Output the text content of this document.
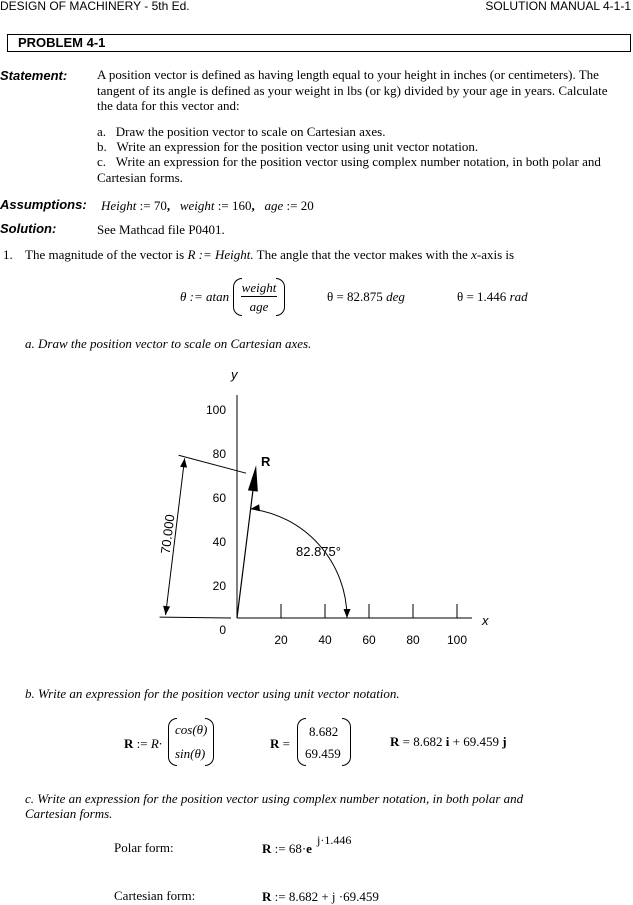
DESIGN OF MACHINERY - 5th Ed.	SOLUTION MANUAL 4-1-1
PROBLEM 4-1
Statement: A position vector is defined as having length equal to your height in inches (or centimeters). The tangent of its angle is defined as your weight in lbs (or kg) divided by your age in years. Calculate the data for this vector and:
a. Draw the position vector to scale on Cartesian axes.
b. Write an expression for the position vector using unit vector notation.
c. Write an expression for the position vector using complex number notation, in both polar and Cartesian forms.
Assumptions: Height := 70, weight := 160, age := 20
Solution:	See Mathcad file P0401.
1. The magnitude of the vector is R := Height. The angle that the vector makes with the x-axis is
θ := atan
weight
age
θ = 82.875 deg	θ = 1.446 rad
a. Draw the position vector to scale on Cartesian axes.
100
80
60
40
20
0
20	40	60	80 100
y
x
R
70.000	82.875°
b. Write an expression for the position vector using unit vector notation.
R := R·
cos(θ)
sin(θ)
R =
8.682
69.459
R = 8.682 i + 69.459 j
c. Write an expression for the position vector using complex number notation, in both polar and
Cartesian forms.
Polar form:	R := 68·e
j·1.446
Cartesian form:	R := 8.682 + j ·69.459
